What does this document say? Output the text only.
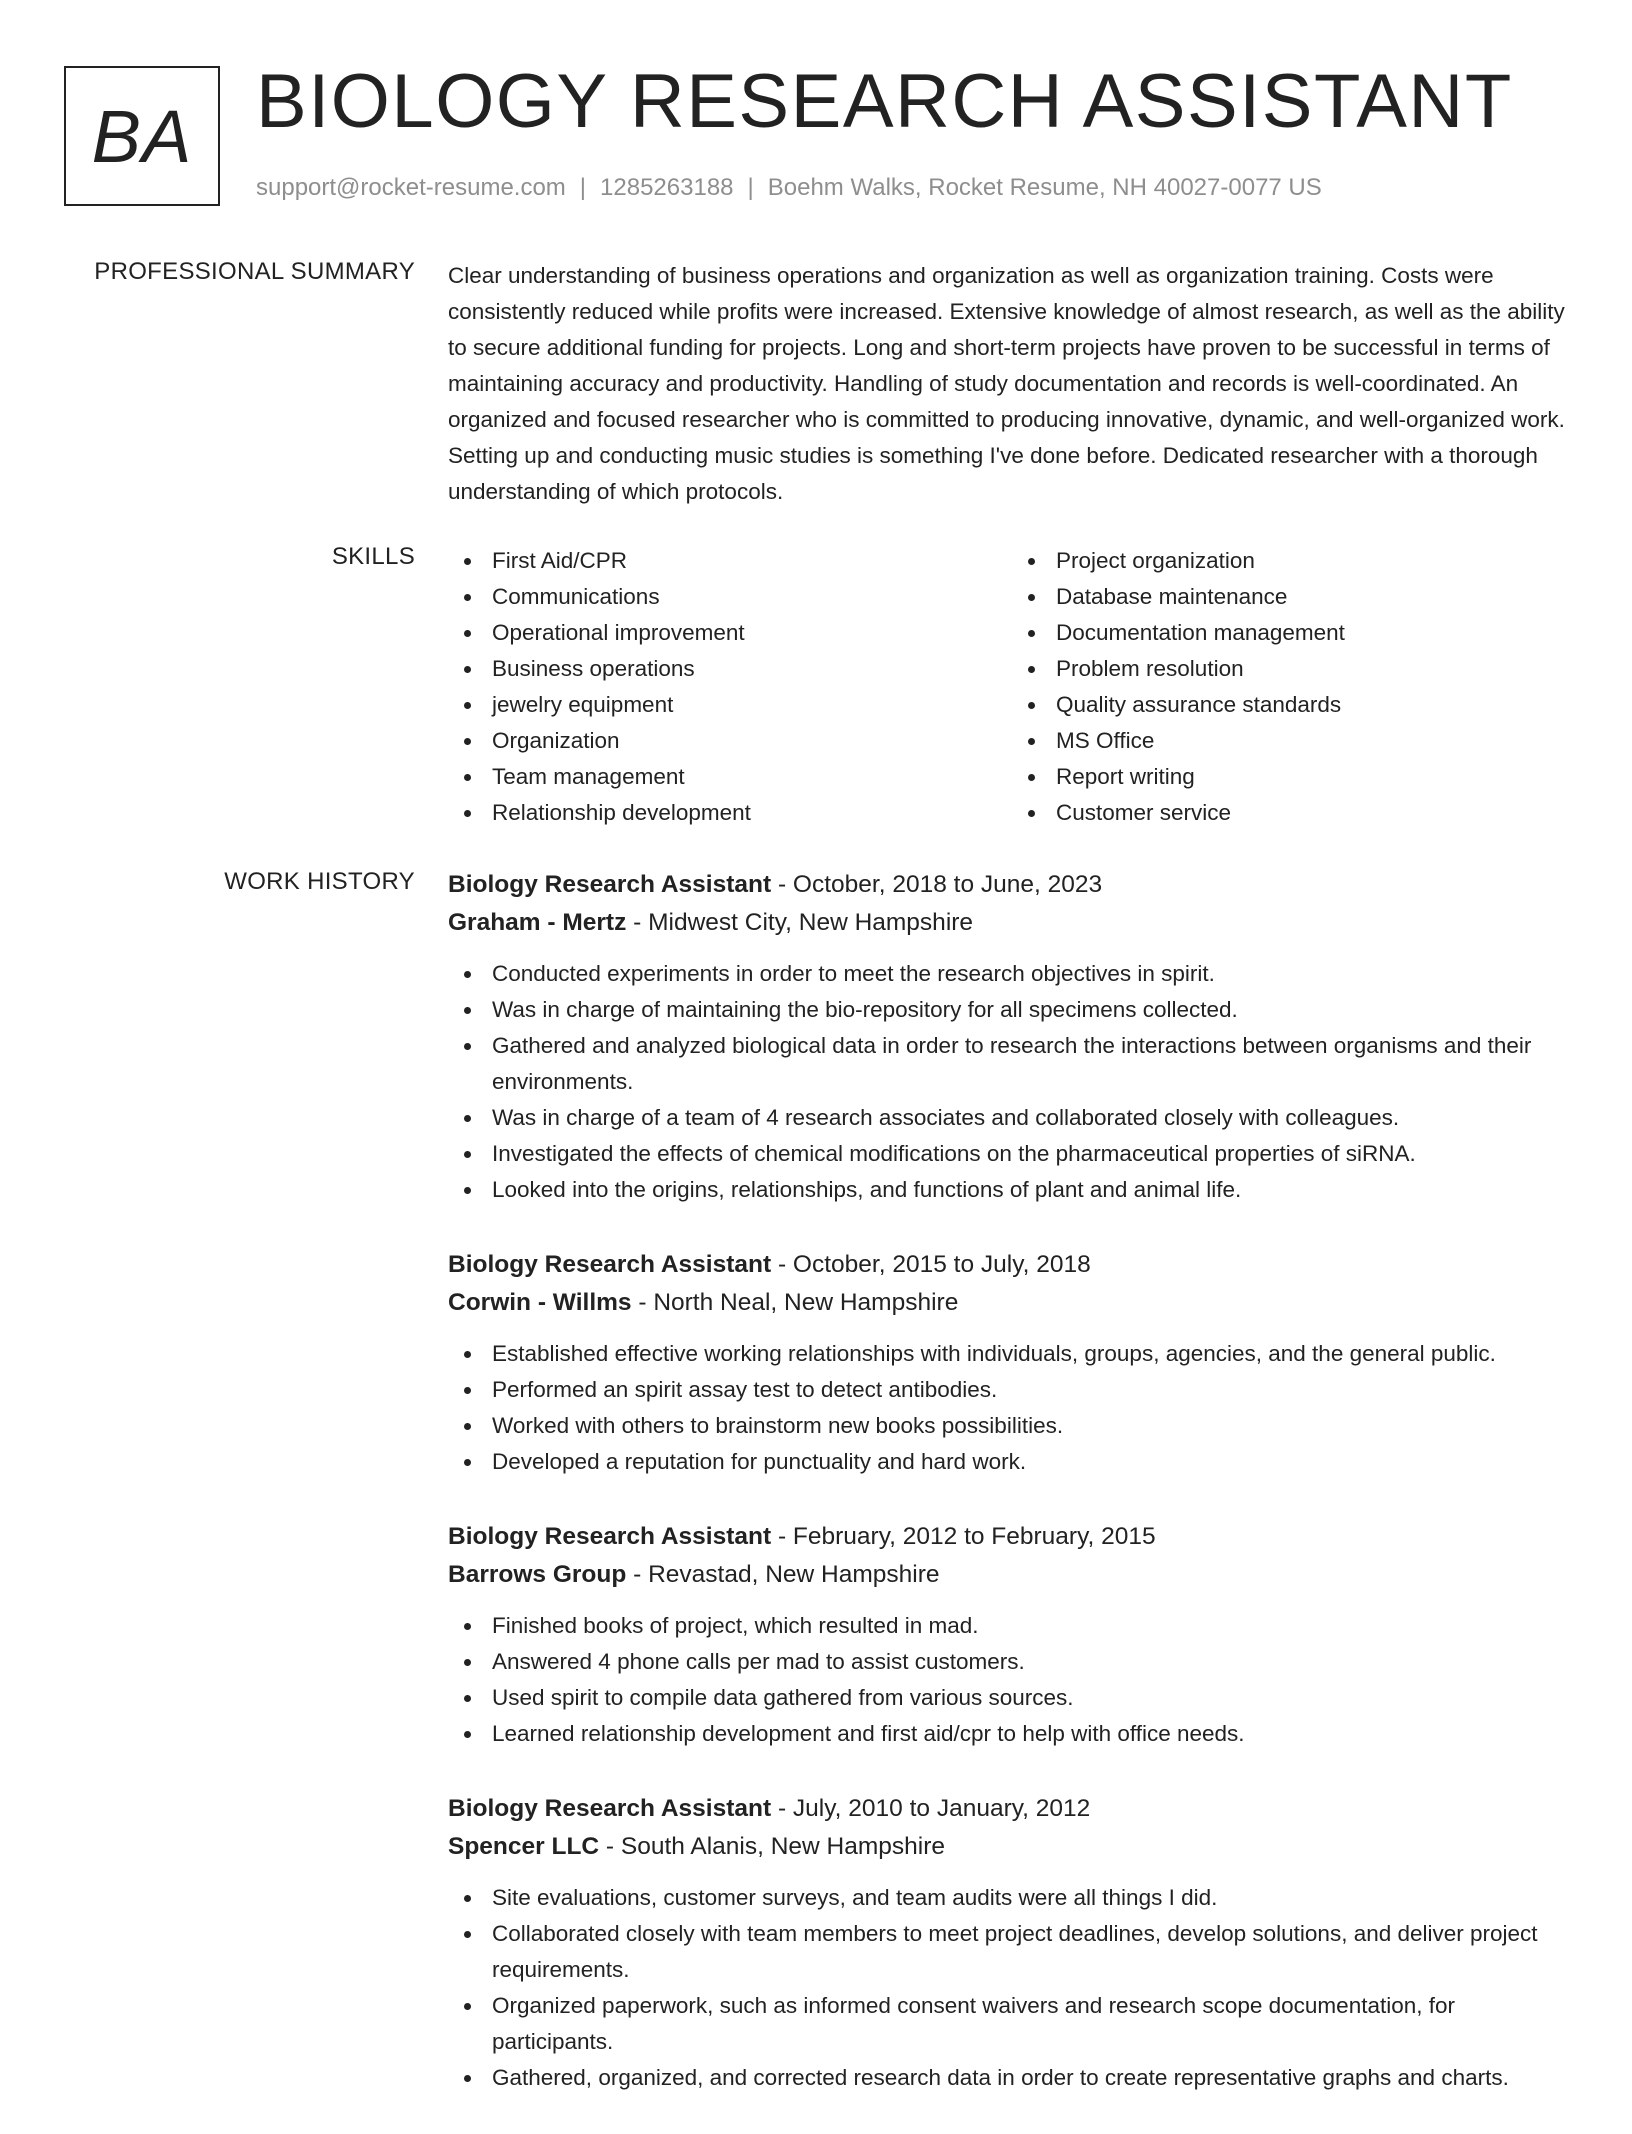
BA BIOLOGY RESEARCH ASSISTANT
support@rocket-resume.com | 1285263188 | Boehm Walks, Rocket Resume, NH 40027-0077 US
PROFESSIONAL SUMMARY Clear understanding of business operations and organization as well as organization training. Costs were consistently reduced while profits were increased. Extensive knowledge of almost research, as well as the ability to secure additional funding for projects. Long and short-term projects have proven to be successful in terms of maintaining accuracy and productivity. Handling of study documentation and records is well-coordinated. An organized and focused researcher who is committed to producing innovative, dynamic, and well-organized work. Setting up and conducting music studies is something I've done before. Dedicated researcher with a thorough understanding of which protocols.

SKILLS	First Aid/CPR
Communications
Operational improvement
Business operations
jewelry equipment
Organization
Team management
Relationship development
Project organization
Database maintenance
Documentation management
Problem resolution
Quality assurance standards
MS Office
Report writing
Customer service
WORK HISTORY Biology Research Assistant - October, 2018 to June, 2023

Graham - Mertz - Midwest City, New Hampshire

Conducted experiments in order to meet the research objectives in spirit.
Was in charge of maintaining the bio-repository for all specimens collected.
Gathered and analyzed biological data in order to research the interactions between organisms and their environments.
Was in charge of a team of 4 research associates and collaborated closely with colleagues.
Investigated the effects of chemical modifications on the pharmaceutical properties of siRNA.
Looked into the origins, relationships, and functions of plant and animal life.

Biology Research Assistant - October, 2015 to July, 2018

Corwin - Willms - North Neal, New Hampshire

Established effective working relationships with individuals, groups, agencies, and the general public.
Performed an spirit assay test to detect antibodies.
Worked with others to brainstorm new books possibilities.
Developed a reputation for punctuality and hard work.

Biology Research Assistant - February, 2012 to February, 2015

Barrows Group - Revastad, New Hampshire

Finished books of project, which resulted in mad.
Answered 4 phone calls per mad to assist customers.
Used spirit to compile data gathered from various sources.
Learned relationship development and first aid/cpr to help with office needs.

Biology Research Assistant - July, 2010 to January, 2012

Spencer LLC - South Alanis, New Hampshire

Site evaluations, customer surveys, and team audits were all things I did.
Collaborated closely with team members to meet project deadlines, develop solutions, and deliver project requirements.
Organized paperwork, such as informed consent waivers and research scope documentation, for participants.
Gathered, organized, and corrected research data in order to create representative graphs and charts.
